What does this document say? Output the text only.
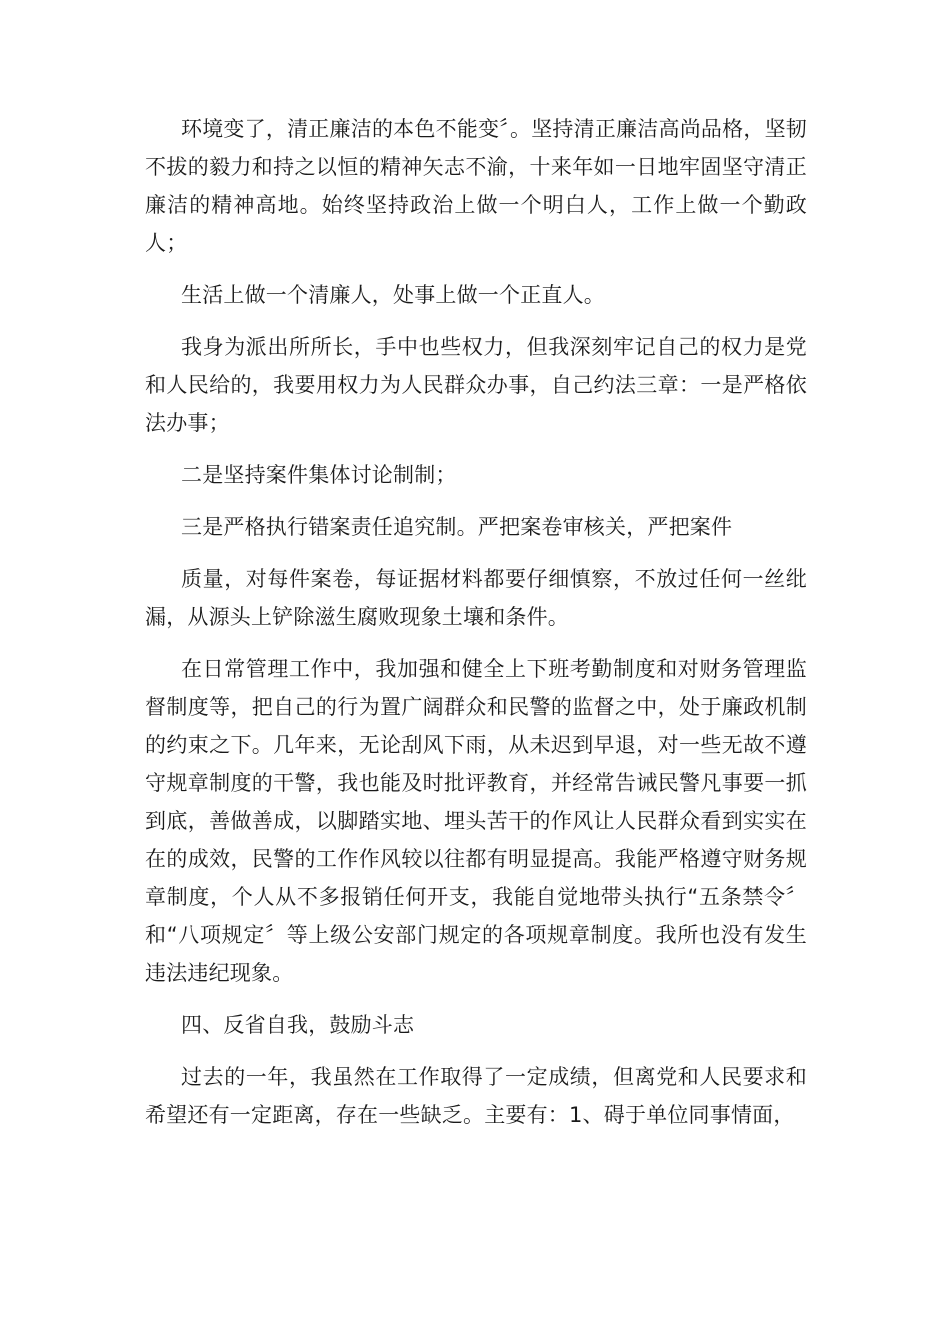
环境变了，清正廉洁的本色不能变〞。坚持清正廉洁高尚品格，坚韧不拔的毅力和持之以恒的精神矢志不渝，十来年如一日地牢固坚守清正廉洁的精神高地。始终坚持政治上做一个明白人，工作上做一个勤政人；

生活上做一个清廉人，处事上做一个正直人。

我身为派出所所长，手中也些权力，但我深刻牢记自己的权力是党和人民给的，我要用权力为人民群众办事，自己约法三章：一是严格依法办事；

二是坚持案件集体讨论制制；

三是严格执行错案责任追究制。严把案卷审核关，严把案件

质量，对每件案卷，每证据材料都要仔细慎察，不放过任何一丝纰漏，从源头上铲除滋生腐败现象土壤和条件。

在日常管理工作中，我加强和健全上下班考勤制度和对财务管理监督制度等，把自己的行为置广阔群众和民警的监督之中，处于廉政机制的约束之下。几年来，无论刮风下雨，从未迟到早退，对一些无故不遵守规章制度的干警，我也能及时批评教育，并经常告诫民警凡事要一抓到底，善做善成，以脚踏实地、埋头苦干的作风让人民群众看到实实在在的成效，民警的工作作风较以往都有明显提高。我能严格遵守财务规章制度，个人从不多报销任何开支，我能自觉地带头执行“五条禁令〞和“八项规定〞等上级公安部门规定的各项规章制度。我所也没有发生违法违纪现象。

四、反省自我，鼓励斗志

过去的一年，我虽然在工作取得了一定成绩，但离党和人民要求和希望还有一定距离，存在一些缺乏。主要有：1、碍于单位同事情面，
